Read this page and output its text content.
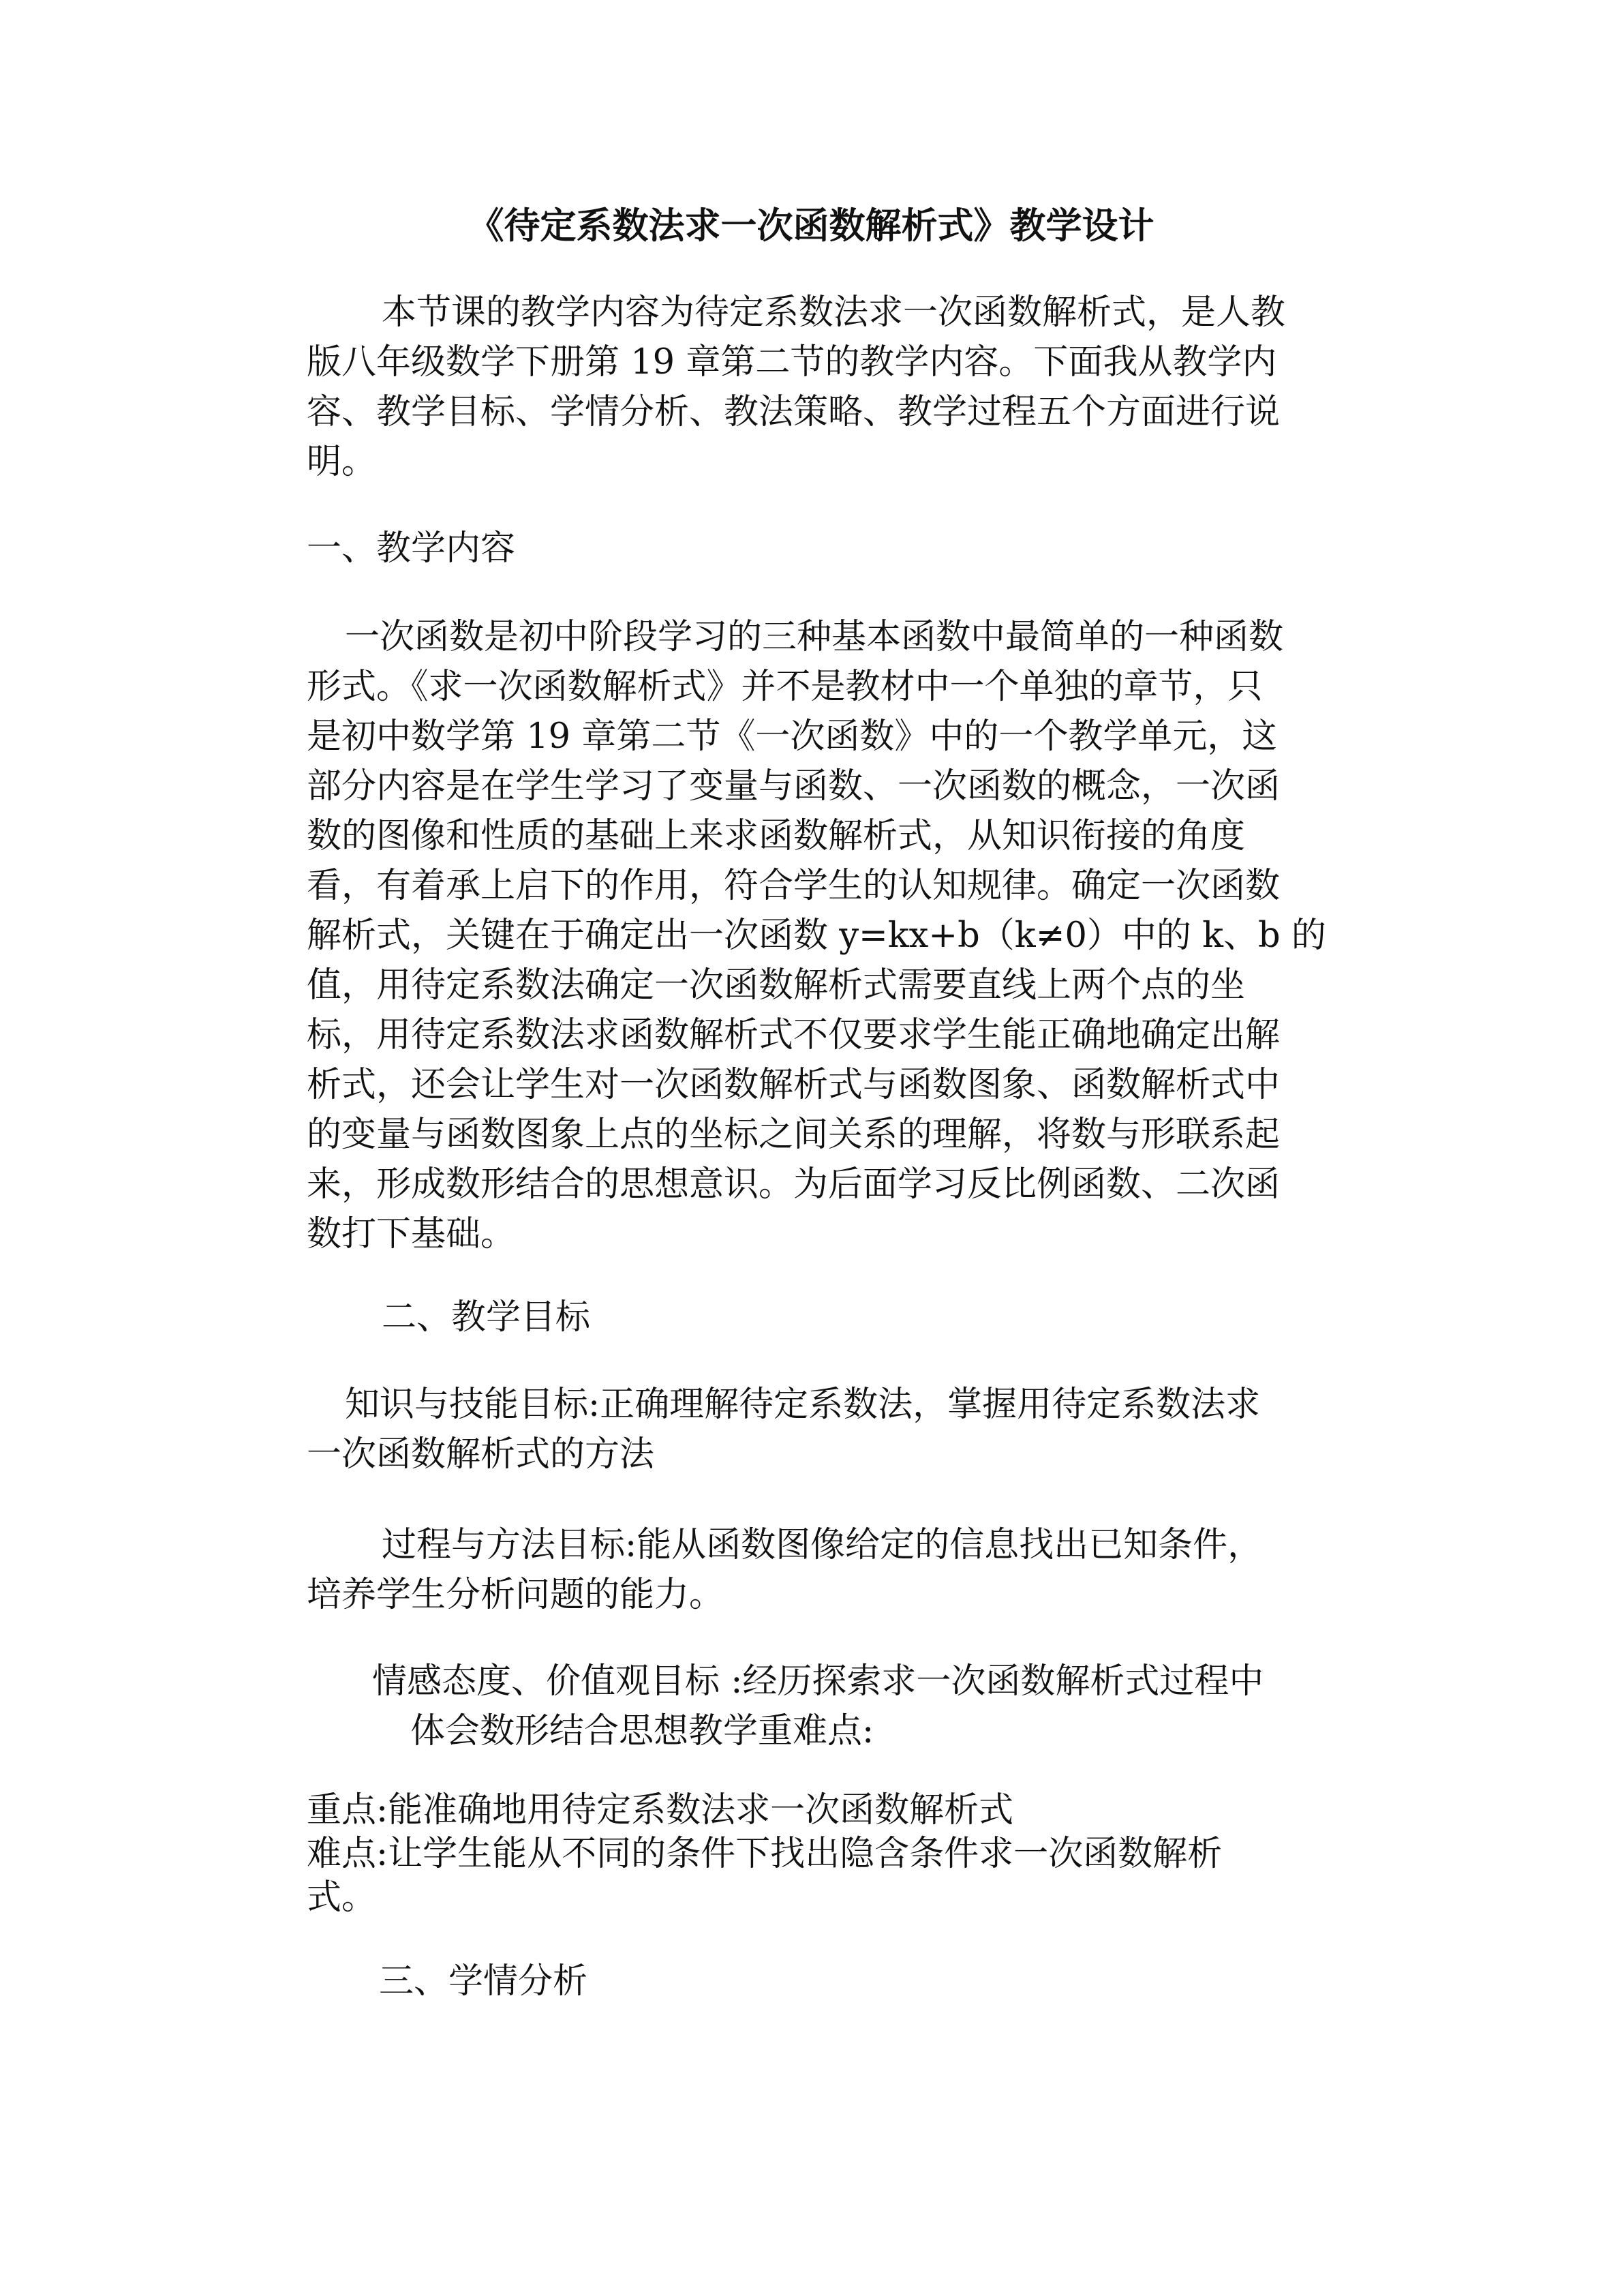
《待定系数法求一次函数解析式》教学设计
本节课的教学内容为待定系数法求一次函数解析式，是人教
版八年级数学下册第 19 章第二节的教学内容。下面我从教学内
容、教学目标、学情分析、教法策略、教学过程五个方面进行说
明。
一、教学内容
一次函数是初中阶段学习的三种基本函数中最简单的一种函数
形式。《求一次函数解析式》并不是教材中一个单独的章节，只
是初中数学第 19 章第二节《一次函数》中的一个教学单元，这
部分内容是在学生学习了变量与函数、一次函数的概念，一次函
数的图像和性质的基础上来求函数解析式，从知识衔接的角度
看，有着承上启下的作用，符合学生的认知规律。确定一次函数
解析式，关键在于确定出一次函数 y=kx+b（k≠0）中的 k、b 的
值，用待定系数法确定一次函数解析式需要直线上两个点的坐
标，用待定系数法求函数解析式不仅要求学生能正确地确定出解
析式，还会让学生对一次函数解析式与函数图象、函数解析式中
的变量与函数图象上点的坐标之间关系的理解，将数与形联系起
来，形成数形结合的思想意识。为后面学习反比例函数、二次函
数打下基础。
二、教学目标
知识与技能目标:正确理解待定系数法，掌握用待定系数法求
一次函数解析式的方法
过程与方法目标:能从函数图像给定的信息找出已知条件，
培养学生分析问题的能力。
情感态度、价值观目标 :经历探索求一次函数解析式过程中
体会数形结合思想教学重难点:
重点:能准确地用待定系数法求一次函数解析式
难点:让学生能从不同的条件下找出隐含条件求一次函数解析
式。
三、学情分析
